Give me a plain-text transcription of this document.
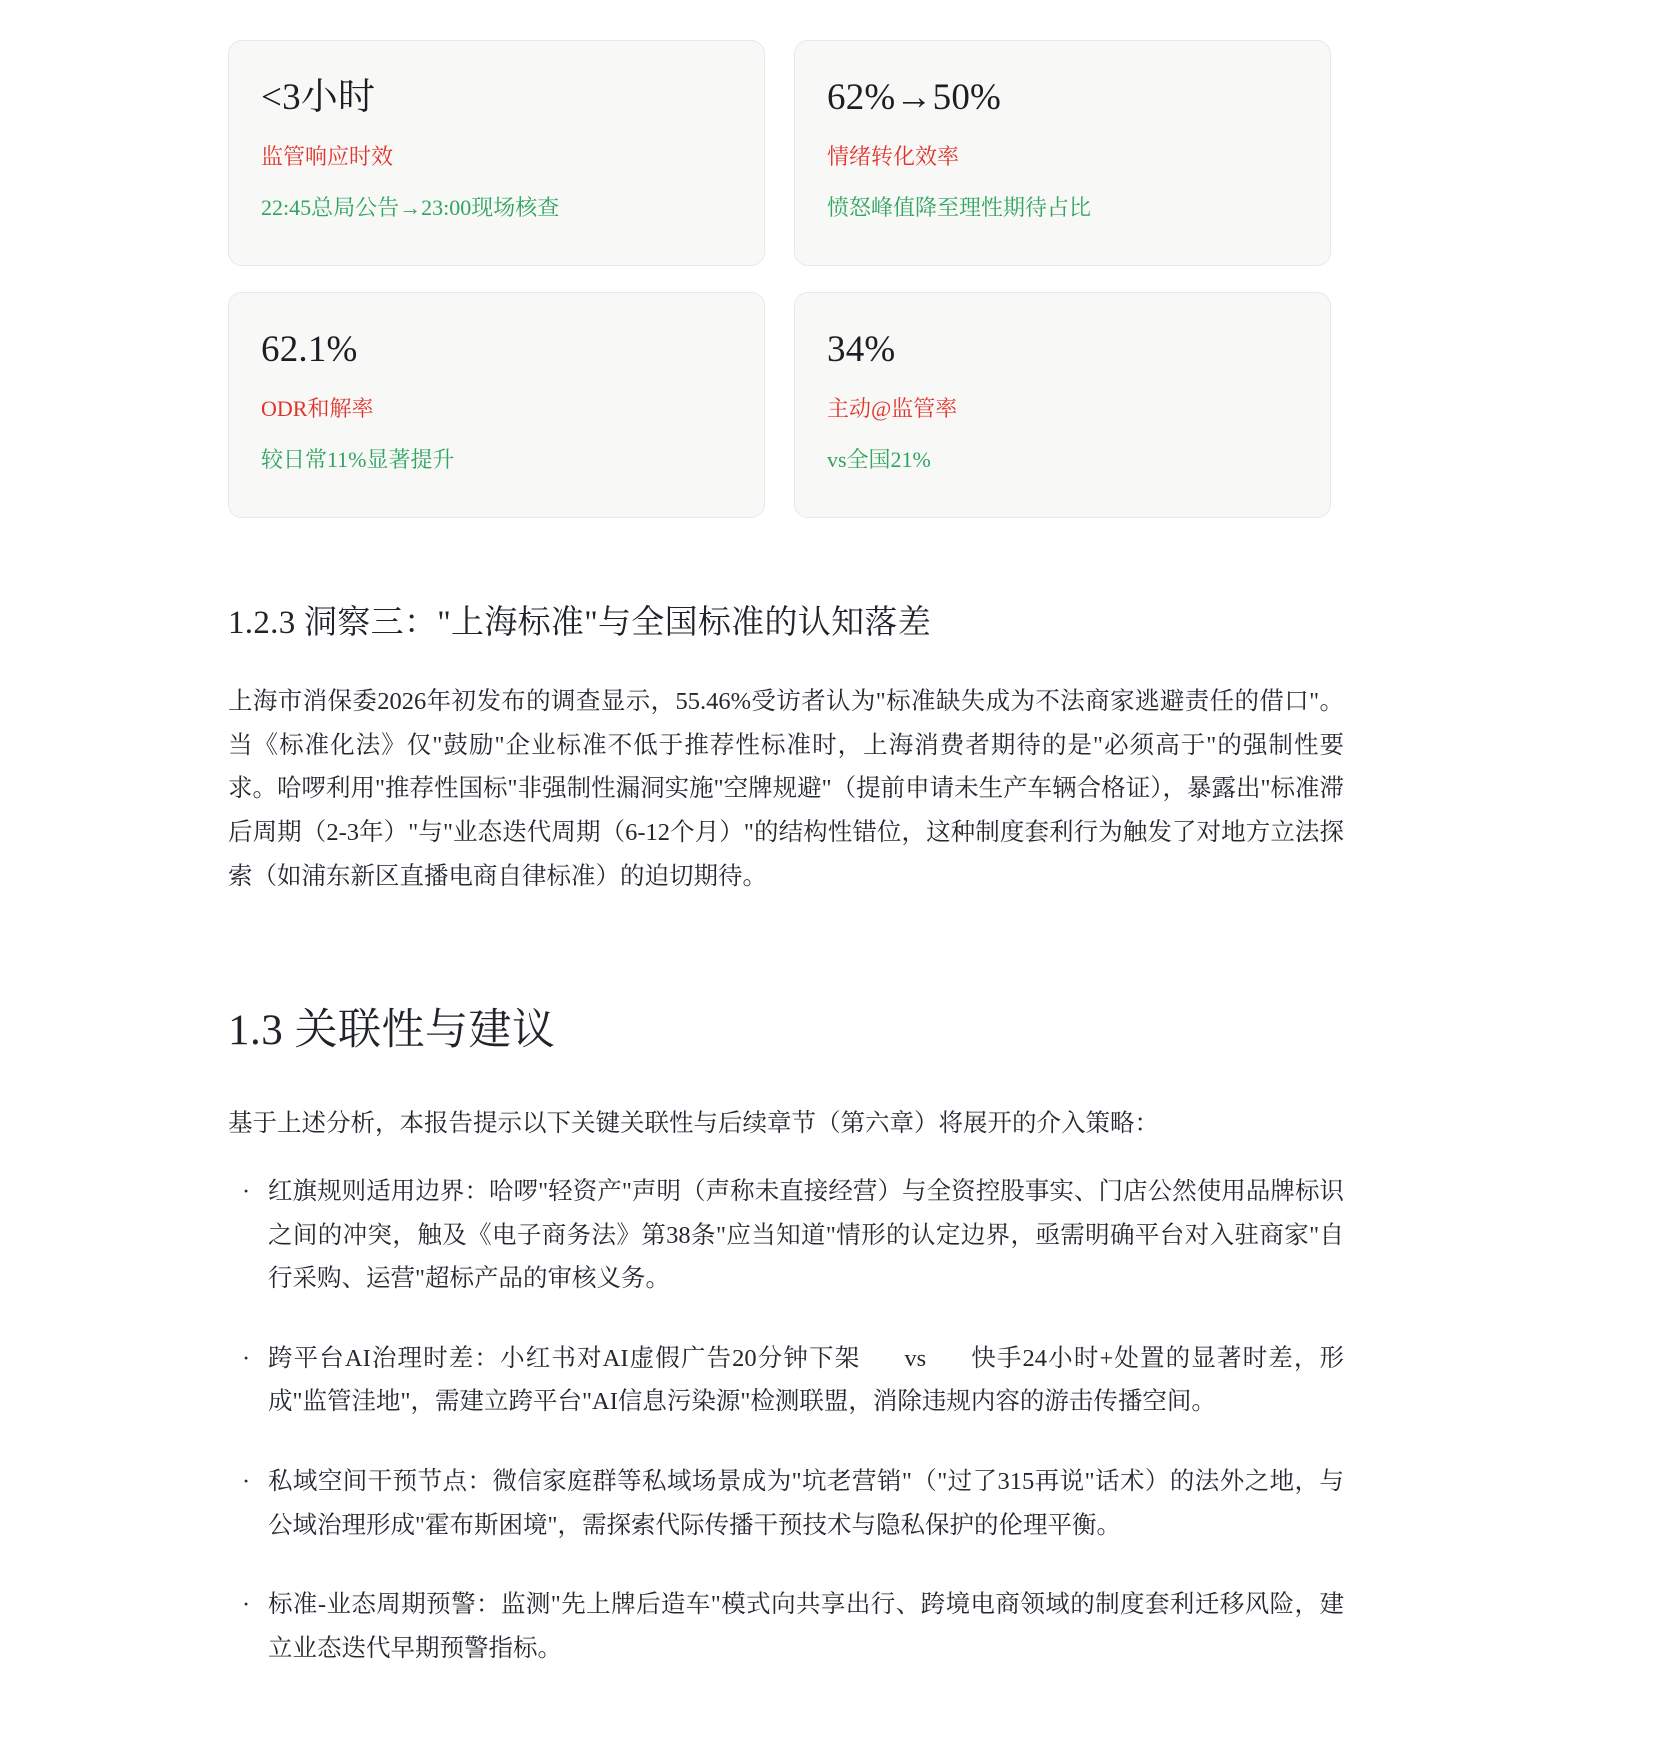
<3小时
监管响应时效
22:45总局公告→23:00现场核查
62%→50%
情绪转化效率
愤怒峰值降至理性期待占比
62.1%
ODR和解率
较日常11%显著提升
34%
主动@监管率
vs全国21%
1.2.3 洞察三："上海标准"与全国标准的认知落差

上海市消保委2026年初发布的调查显示，55.46%受访者认为"标准缺失成为不法商家逃避责任的借口"。当《标准化法》仅"鼓励"企业标准不低于推荐性标准时，上海消费者期待的是"必须高于"的强制性要求。哈啰利用"推荐性国标"非强制性漏洞实施"空牌规避"（提前申请未生产车辆合格证），暴露出"标准滞后周期（2-3年）"与"业态迭代周期（6-12个月）"的结构性错位，这种制度套利行为触发了对地方立法探索（如浦东新区直播电商自律标准）的迫切期待。

1.3 关联性与建议

基于上述分析，本报告提示以下关键关联性与后续章节（第六章）将展开的介入策略：

· 红旗规则适用边界：哈啰"轻资产"声明（声称未直接经营）与全资控股事实、门店公然使用品牌标识之间的冲突，触及《电子商务法》第38条"应当知道"情形的认定边界，亟需明确平台对入驻商家"自行采购、运营"超标产品的审核义务。
· 跨平台AI治理时差：小红书对AI虚假广告20分钟下架 vs 快手24小时+处置的显著时差，形成"监管洼地"，需建立跨平台"AI信息污染源"检测联盟，消除违规内容的游击传播空间。
· 私域空间干预节点：微信家庭群等私域场景成为"坑老营销"（"过了315再说"话术）的法外之地，与公域治理形成"霍布斯困境"，需探索代际传播干预技术与隐私保护的伦理平衡。
· 标准-业态周期预警：监测"先上牌后造车"模式向共享出行、跨境电商领域的制度套利迁移风险，建立业态迭代早期预警指标。
